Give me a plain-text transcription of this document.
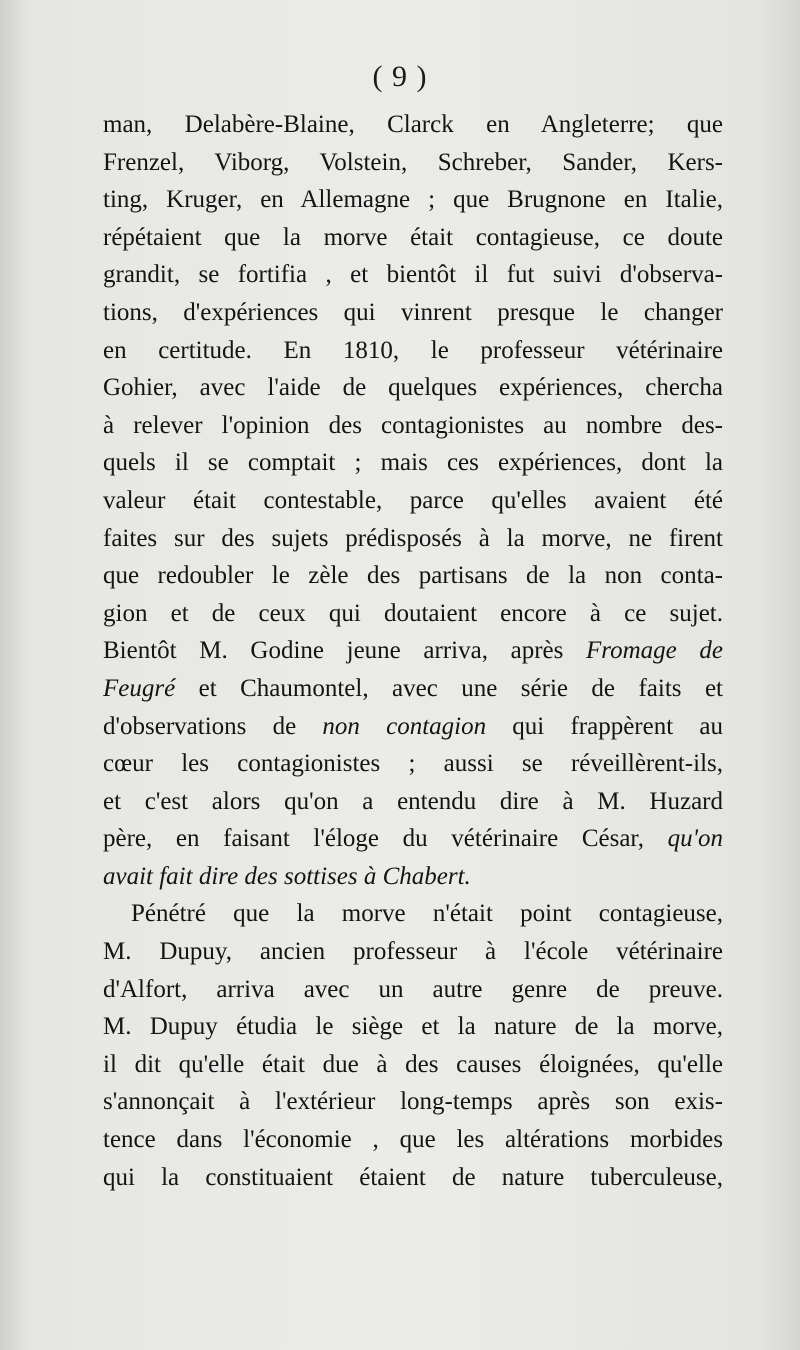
( 9 )
man, Delabère-Blaine, Clarck en Angleterre; que
Frenzel, Viborg, Volstein, Schreber, Sander, Kers-
ting, Kruger, en Allemagne ; que Brugnone en Italie,
répétaient que la morve était contagieuse, ce doute
grandit, se fortifia , et bientôt il fut suivi d'observa-
tions, d'expériences qui vinrent presque le changer
en certitude. En 1810, le professeur vétérinaire
Gohier, avec l'aide de quelques expériences, chercha
à relever l'opinion des contagionistes au nombre des-
quels il se comptait ; mais ces expériences, dont la
valeur était contestable, parce qu'elles avaient été
faites sur des sujets prédisposés à la morve, ne firent
que redoubler le zèle des partisans de la non conta-
gion et de ceux qui doutaient encore à ce sujet.
Bientôt M. Godine jeune arriva, après Fromage de
Feugré et Chaumontel, avec une série de faits et
d'observations de non contagion qui frappèrent au
cœur les contagionistes ; aussi se réveillèrent-ils,
et c'est alors qu'on a entendu dire à M. Huzard
père, en faisant l'éloge du vétérinaire César, qu'on
avait fait dire des sottises à Chabert.
Pénétré que la morve n'était point contagieuse,
M. Dupuy, ancien professeur à l'école vétérinaire
d'Alfort, arriva avec un autre genre de preuve.
M. Dupuy étudia le siège et la nature de la morve,
il dit qu'elle était due à des causes éloignées, qu'elle
s'annonçait à l'extérieur long-temps après son exis-
tence dans l'économie , que les altérations morbides
qui la constituaient étaient de nature tuberculeuse,
